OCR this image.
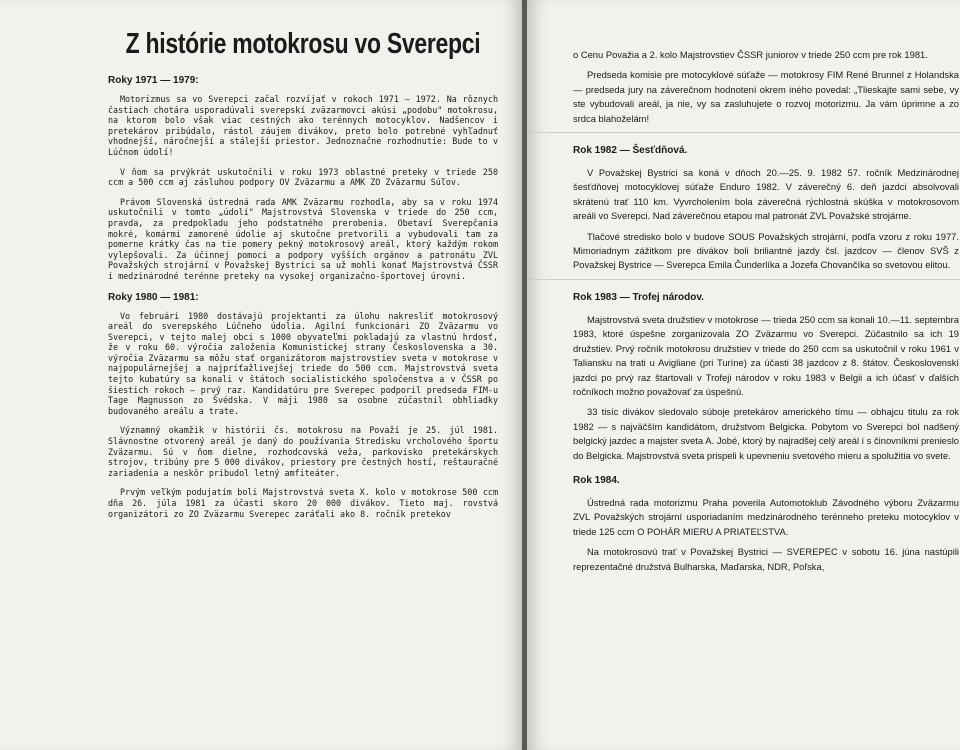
Z histórie motokrosu vo Sverepci
Roky 1971 — 1979:

Motorizmus sa vo Sverepci začal rozvíjať v rokoch 1971 — 1972. Na rôznych častiach chotára usporadúvali sverepskí zväzarmovci akúsi „podobu" motokrosu, na ktorom bolo však viac cestných ako terénnych motocyklov. Nadšencov i pretekárov pribúdalo, rástol záujem divákov, preto bolo potrebné vyhľadnuť vhodnejší, náročnejší a stálejší priestor. Jednoznačne rozhodnutie: Bude to v Lúčnom údolí!

V ňom sa prvýkrát uskutočnili v roku 1973 oblastné preteky v triede 250 ccm a 500 ccm aj zásluhou podpory OV Zväzarmu a AMK ZO Zväzarmu Súľov.

Právom Slovenská ústredná rada AMK Zväzarmu rozhodla, aby sa v roku 1974 uskutočnili v tomto „údolí" Majstrovstvá Slovenska v triede do 250 ccm, pravda, za predpokladu jeho podstatného prerobenia. Obetaví Sverepčania mokré, komármi zamorené údolie aj skutočne pretvorili a vybudovali tam za pomerne krátky čas na tie pomery pekný motokrosový areál, ktorý každým rokom vylepšovali. Za účinnej pomoci a podpory vyšších orgánov a patronátu ZVL Považských strojární v Považskej Bystrici sa už mohli konať Majstrovstvá ČSSR i medzinárodné terénne preteky na vysokej organizačno-športovej úrovni.

Roky 1980 — 1981:

Vo februári 1980 dostávajú projektanti za úlohu nakresliť motokrosový areál do sverepského Lúčneho údolia. Agilní funkcionári ZO Zväzarmu vo Sverepci, v tejto malej obci s 1000 obyvateľmi pokladajú za vlastnú hrdosť, že v roku 60. výročia založenia Komunistickej strany Československa a 30. výročia Zväzarmu sa môžu stať organizátorom majstrovstiev sveta v motokrose v najpopulárnejšej a najpríťažlivejšej triede do 500 ccm. Majstrovstvá sveta tejto kubatúry sa konali v štátoch socialistického spoločenstva a v ČSSR po šiestich rokoch — prvý raz. Kandidatúru pre Sverepec podporil predseda FIM-u Tage Magnusson zo Švédska. V máji 1980 sa osobne zúčastnil obhliadky budovaného areálu a trate.

Významný okamžik v histórii čs. motokrosu na Považí je 25. júl 1981. Slávnostne otvorený areál je daný do používania Stredisku vrcholového športu Zväzarmu. Sú v ňom dielne, rozhodcovská veža, parkovisko pretekárskych strojov, tribúny pre 5 000 divákov, priestory pre čestných hostí, reštauračné zariadenia a neskôr pribudol letný amfiteáter.

Prvým veľkým podujatím boli Majstrovstvá sveta X. kolo v motokrose 500 ccm dňa 26. júla 1981 za účasti skoro 20 000 divákov. Tieto maj. rovstvá organizátori zo ZO Zväzarmu Sverepec zaráťali ako 8. ročník pretekov

o Cenu Považia a 2. kolo Majstrovstiev ČSSR juniorov v triede 250 ccm pre rok 1981.

Predseda komisie pre motocyklové súťaže — motokrosy FIM René Brunnel z Holandska — predseda jury na záverečnom hodnotení okrem iného povedal: „Tlieskajte sami sebe, vy ste vybudovali areál, ja nie, vy sa zasluhujete o rozvoj motorizmu. Ja vám úprimne a zo srdca blahoželám!

Rok 1982 — Šesťdňová.

V Považskej Bystrici sa koná v dňoch 20.—25. 9. 1982 57. ročník Medzinárodnej šesťdňovej motocyklovej súťaže Enduro 1982. V záverečný 6. deň jazdci absolvovali skrátenú trať 110 km. Vyvrcholením bola záverečná rýchlostná skúška v motokrosovom areáli vo Sverepci. Nad záverečnou etapou mal patronát ZVL Považské strojárne.

Tlačové stredisko bolo v budove SOUS Považských strojární, podľa vzoru z roku 1977. Mimoriadnym zážitkom pre divákov boli briliantné jazdy čsl. jazdcov — členov SVŠ z Považskej Bystrice — Sverepca Emila Čunderlíka a Jozefa Chovančíka so svetovou elitou.

Rok 1983 — Trofej národov.

Majstrovstvá sveta družstiev v motokrose — trieda 250 ccm sa konali 10.—11. septembra 1983, ktoré úspešne zorganizovala ZO Zväzarmu vo Sverepci. Zúčastnilo sa ich 19 družstiev. Prvý ročník motokrosu družstiev v triede do 250 ccm sa uskutočnil v roku 1961 v Taliansku na trati u Avigliane (pri Turíne) za účasti 38 jazdcov z 8. štátov. Československí jazdci po prvý raz štartovali v Trofeji národov v roku 1983 v Belgii a ich účasť v ďalších ročníkoch možno považovať za úspešnú.

33 tisíc divákov sledovalo súboje pretekárov amerického tímu — obhajcu titulu za rok 1982 — s najväčším kandidátom, družstvom Belgicka. Pobytom vo Sverepci bol nadšený belgický jazdec a majster sveta A. Jobé, ktorý by najradšej celý areál i s činovníkmi prenieslo do Belgicka. Majstrovstvá sveta prispeli k upevneniu svetového mieru a spolužitia vo svete.

Rok 1984.

Ústredná rada motorizmu Praha poverila Automotoklub Závodného výboru Zväzarmu ZVL Považských strojární usporiadaním medzinárodného terénneho preteku motocyklov v triede 125 ccm O POHÁR MIERU A PRIATEĽSTVA.

Na motokrosovú trať v Považskej Bystrici — SVEREPEC v sobotu 16. júna nastúpili reprezentačné družstvá Bulharska, Maďarska, NDR, Poľska,
